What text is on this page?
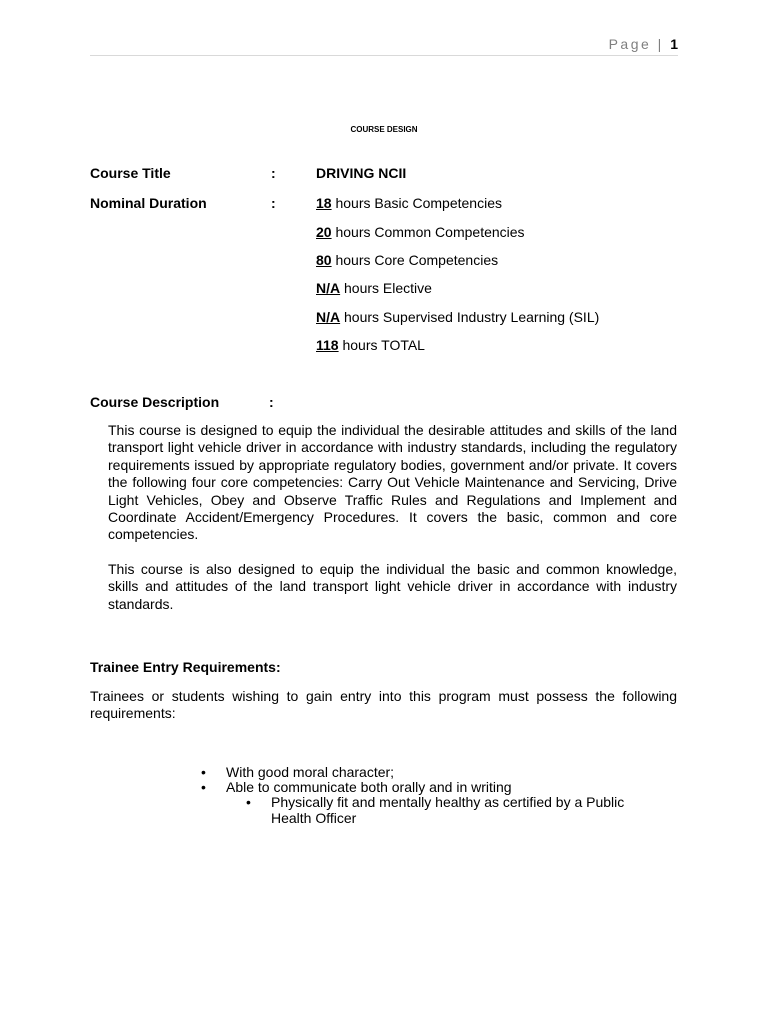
Page | 1
COURSE DESIGN
Course Title	:	DRIVING NCII
Nominal Duration	:	18 hours Basic Competencies
20 hours Common Competencies
80 hours Core Competencies
N/A hours Elective
N/A hours Supervised Industry Learning (SIL)
118 hours TOTAL
Course Description	:
This course is designed to equip the individual the desirable attitudes and skills of the land transport light vehicle driver in accordance with industry standards, including the regulatory requirements issued by appropriate regulatory bodies, government and/or private. It covers the following four core competencies: Carry Out Vehicle Maintenance and Servicing, Drive Light Vehicles, Obey and Observe Traffic Rules and Regulations and Implement and Coordinate Accident/Emergency Procedures. It covers the basic, common and core competencies.
This course is also designed to equip the individual the basic and common knowledge, skills and attitudes of the land transport light vehicle driver in accordance with industry standards.
Trainee Entry Requirements:
Trainees or students wishing to gain entry into this program must possess the following requirements:
• With good moral character;
• Able to communicate both orally and in writing
• Physically fit and mentally healthy as certified by a Public Health Officer
